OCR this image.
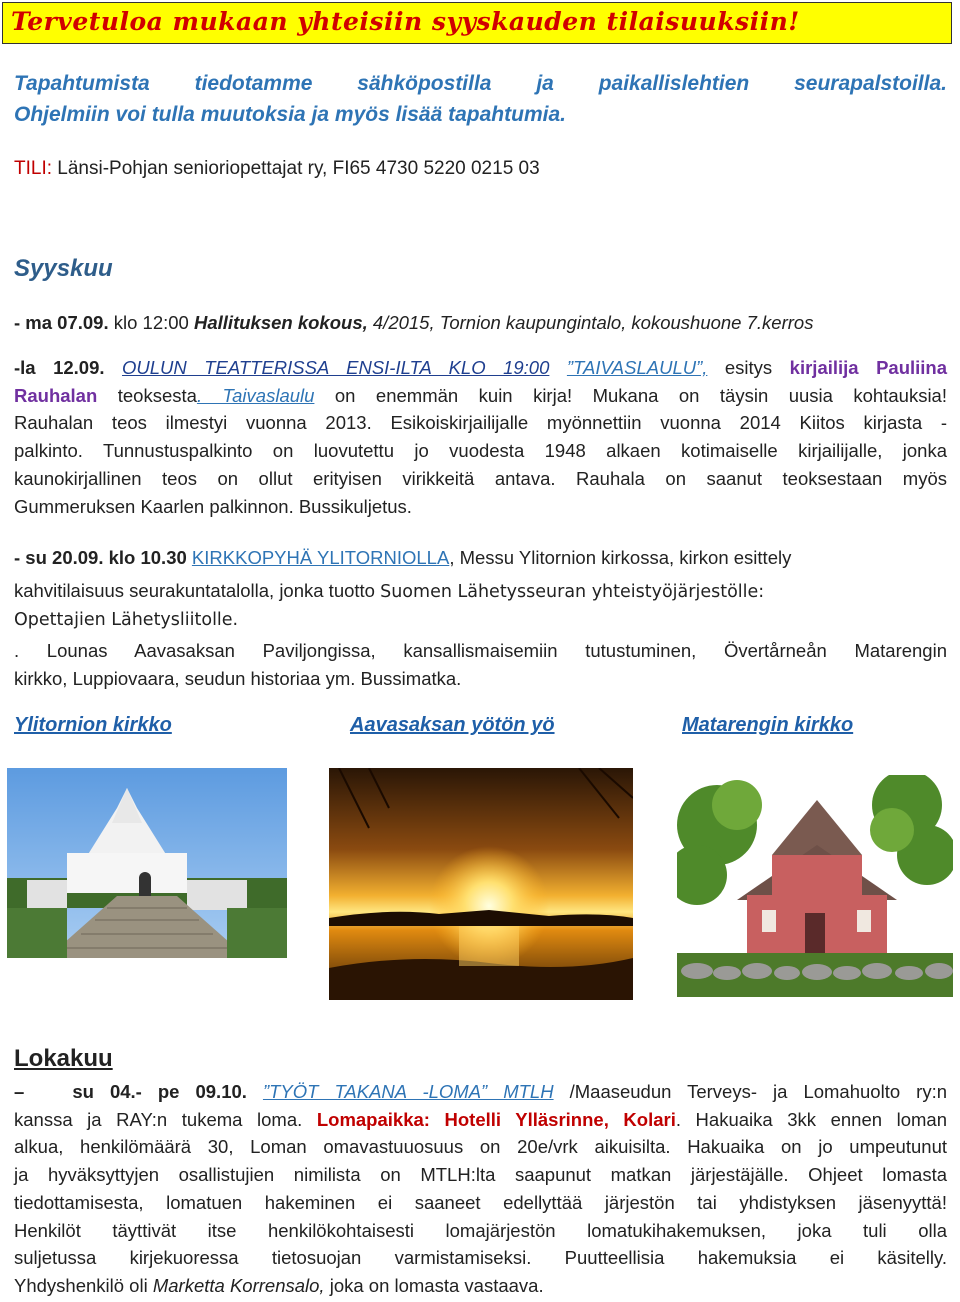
Tervetuloa mukaan yhteisiin syyskauden tilaisuuksiin!
Tapahtumista tiedotamme sähköpostilla ja paikallislehtien seurapalstoilla.
Ohjelmiin voi tulla muutoksia ja myös lisää tapahtumia.
TILI: Länsi-Pohjan senioriopettajat ry, FI65 4730 5220 0215 03
Syyskuu
- ma 07.09. klo 12:00 Hallituksen kokous, 4/2015, Tornion kaupungintalo, kokoushuone 7.kerros

-la 12.09. OULUN TEATTERISSA ENSI-ILTA KLO 19:00 ”TAIVASLAULU”, esitys kirjailija Pauliina

Rauhalan teoksesta. Taivaslaulu on enemmän kuin kirja! Mukana on täysin uusia kohtauksia!

Rauhalan teos ilmestyi vuonna 2013. Esikoiskirjailijalle myönnettiin vuonna 2014 Kiitos kirjasta -

palkinto. Tunnustuspalkinto on luovutettu jo vuodesta 1948 alkaen kotimaiselle kirjailijalle, jonka

kaunokirjallinen teos on ollut erityisen virikkeitä antava. Rauhala on saanut teoksestaan myös

Gummeruksen Kaarlen palkinnon. Bussikuljetus.

- su 20.09. klo 10.30 KIRKKOPYHÄ YLITORNIOLLA, Messu Ylitornion kirkossa, kirkon esittely
kahvitilaisuus seurakuntatalolla, jonka tuotto Suomen Lähetysseuran yhteistyöjärjestölle:
Opettajien Lähetysliitolle.

. Lounas Aavasaksan Paviljongissa, kansallismaisemiin tutustuminen, Övertårneån Matarengin

kirkko, Luppiovaara, seudun historiaa ym. Bussimatka.

Ylitornion kirkko	Aavasaksan yötön yö	Matarengin kirkko
Lokakuu

–   su 04.- pe 09.10. ”TYÖT TAKANA -LOMA” MTLH /Maaseudun Terveys- ja Lomahuolto ry:n

kanssa ja RAY:n tukema loma. Lomapaikka: Hotelli Ylläsrinne, Kolari. Hakuaika 3kk ennen loman

alkua, henkilömäärä 30, Loman omavastuuosuus on 20e/vrk aikuisilta. Hakuaika on jo umpeutunut

ja hyväksyttyjen osallistujien nimilista on MTLH:lta saapunut matkan järjestäjälle. Ohjeet lomasta

tiedottamisesta, lomatuen hakeminen ei saaneet edellyttää järjestön tai yhdistyksen jäsenyyttä!

Henkilöt täyttivät itse henkilökohtaisesti lomajärjestön lomatukihakemuksen, joka tuli olla

suljetussa kirjekuoressa tietosuojan varmistamiseksi. Puutteellisia hakemuksia ei käsitelly.

Yhdyshenkilö oli Marketta Korrensalo, joka on lomasta vastaava.
